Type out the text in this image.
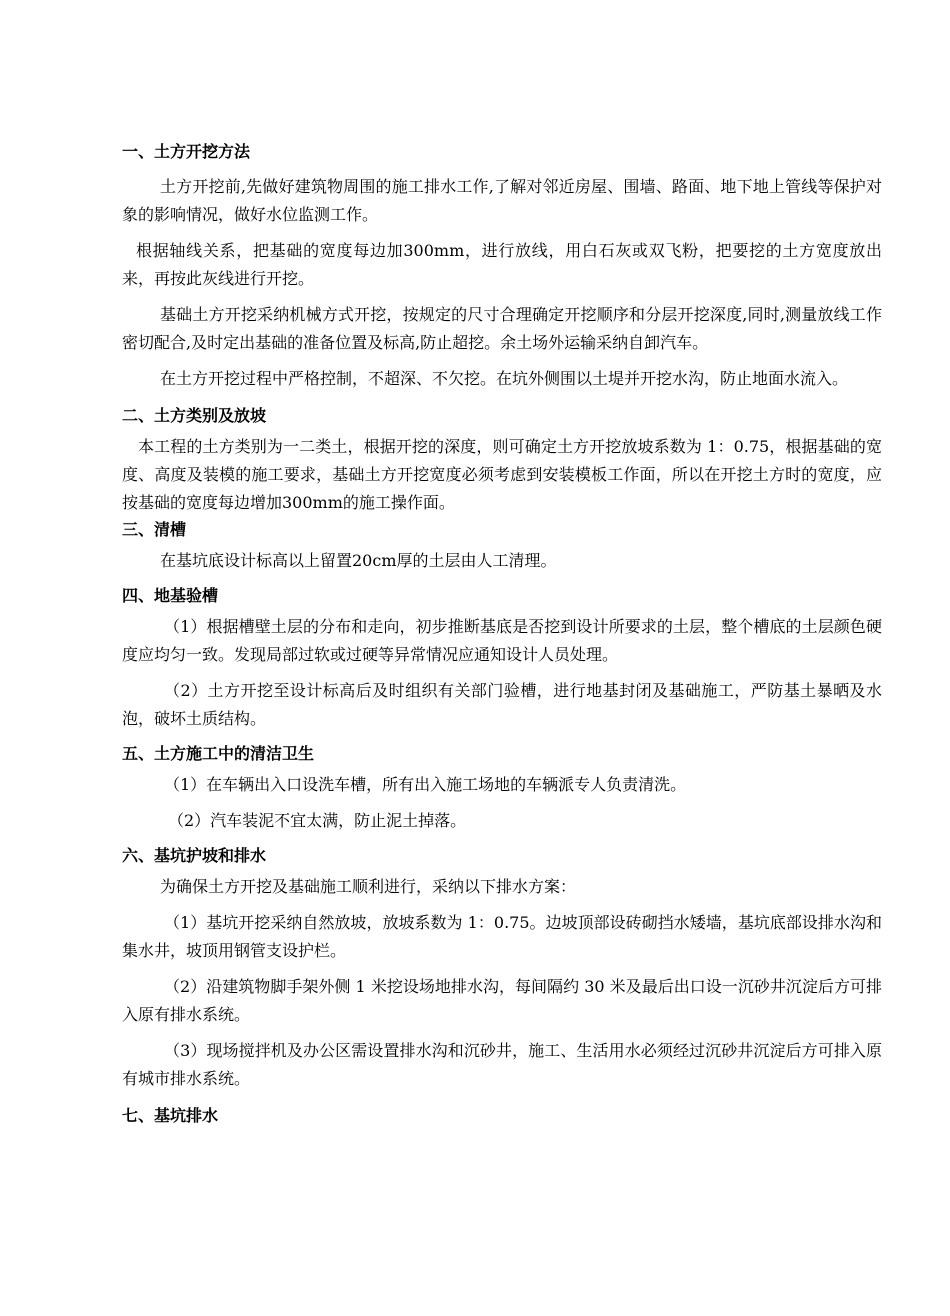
一、土方开挖方法

土方开挖前,先做好建筑物周围的施工排水工作,了解对邻近房屋、围墙、路面、地下地上管线等保护对象的影响情况，做好水位监测工作。

根据轴线关系，把基础的宽度每边加300mm，进行放线，用白石灰或双飞粉，把要挖的土方宽度放出来，再按此灰线进行开挖。

基础土方开挖采纳机械方式开挖，按规定的尺寸合理确定开挖顺序和分层开挖深度,同时,测量放线工作密切配合,及时定出基础的准备位置及标高,防止超挖。余土场外运输采纳自卸汽车。

在土方开挖过程中严格控制，不超深、不欠挖。在坑外侧围以土堤并开挖水沟，防止地面水流入。

二、土方类别及放坡

本工程的土方类别为一二类土，根据开挖的深度，则可确定土方开挖放坡系数为 1：0.75，根据基础的宽度、高度及装模的施工要求，基础土方开挖宽度必须考虑到安装模板工作面，所以在开挖土方时的宽度，应按基础的宽度每边增加300mm的施工操作面。

三、清槽

在基坑底设计标高以上留置20cm厚的土层由人工清理。

四、地基验槽

（1）根据槽壁土层的分布和走向，初步推断基底是否挖到设计所要求的土层，整个槽底的土层颜色硬度应均匀一致。发现局部过软或过硬等异常情况应通知设计人员处理。

（2）土方开挖至设计标高后及时组织有关部门验槽，进行地基封闭及基础施工，严防基土暴晒及水泡，破坏土质结构。

五、土方施工中的清洁卫生

（1）在车辆出入口设洗车槽，所有出入施工场地的车辆派专人负责清洗。

（2）汽车装泥不宜太满，防止泥土掉落。

六、基坑护坡和排水

为确保土方开挖及基础施工顺利进行，采纳以下排水方案：

（1）基坑开挖采纳自然放坡，放坡系数为 1：0.75。边坡顶部设砖砌挡水矮墙，基坑底部设排水沟和集水井，坡顶用钢管支设护栏。

（2）沿建筑物脚手架外侧 1 米挖设场地排水沟，每间隔约 30 米及最后出口设一沉砂井沉淀后方可排入原有排水系统。

（3）现场搅拌机及办公区需设置排水沟和沉砂井，施工、生活用水必须经过沉砂井沉淀后方可排入原有城市排水系统。

七、基坑排水
